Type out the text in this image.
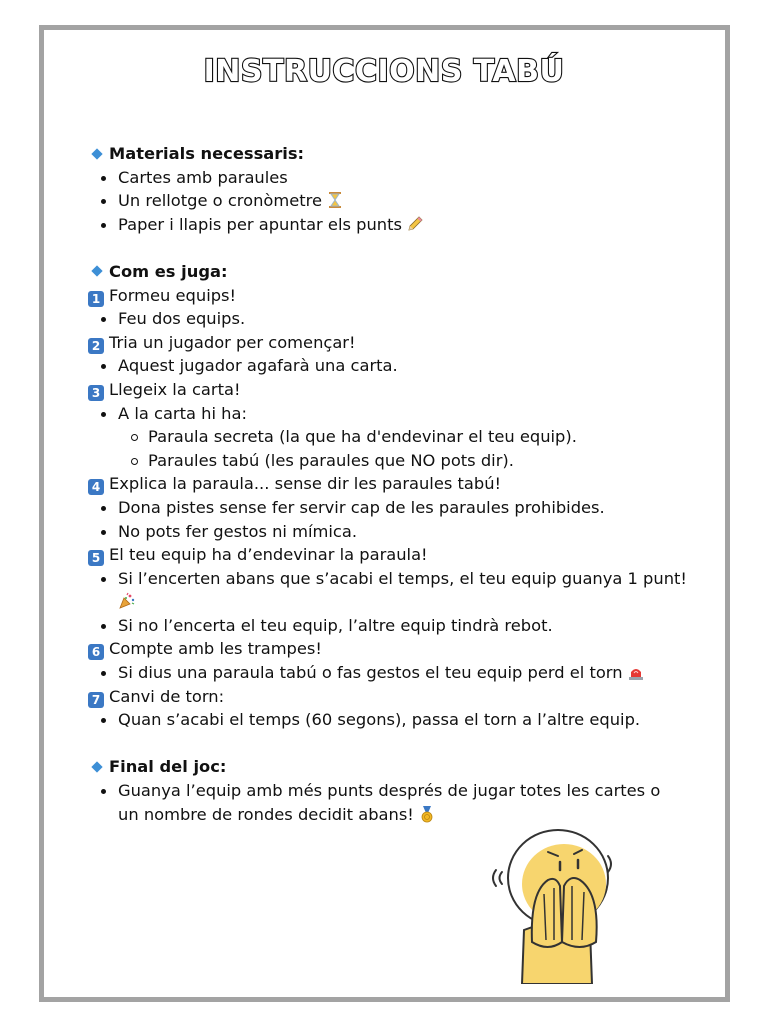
INSTRUCCIONS TABÚ

Materials necessaris:

Cartes amb paraules
Un rellotge o cronòmetre
Paper i llapis per apuntar els punts

Com es juga:

1 Formeu equips!

Feu dos equips.

2 Tria un jugador per començar!

Aquest jugador agafarà una carta.

3 Llegeix la carta!

A la carta hi ha:
Paraula secreta (la que ha d'endevinar el teu equip).
Paraules tabú (les paraules que NO pots dir).

4 Explica la paraula... sense dir les paraules tabú!

Dona pistes sense fer servir cap de les paraules prohibides.
No pots fer gestos ni mímica.

5 El teu equip ha d’endevinar la paraula!

Si l’encerten abans que s’acabi el temps, el teu equip guanya 1 punt!
Si no l’encerta el teu equip, l’altre equip tindrà rebot.

6 Compte amb les trampes!

Si dius una paraula tabú o fas gestos el teu equip perd el torn

7 Canvi de torn:

Quan s’acabi el temps (60 segons), passa el torn a l’altre equip.

Final del joc:

Guanya l’equip amb més punts després de jugar totes les cartes o
un nombre de rondes decidit abans!
